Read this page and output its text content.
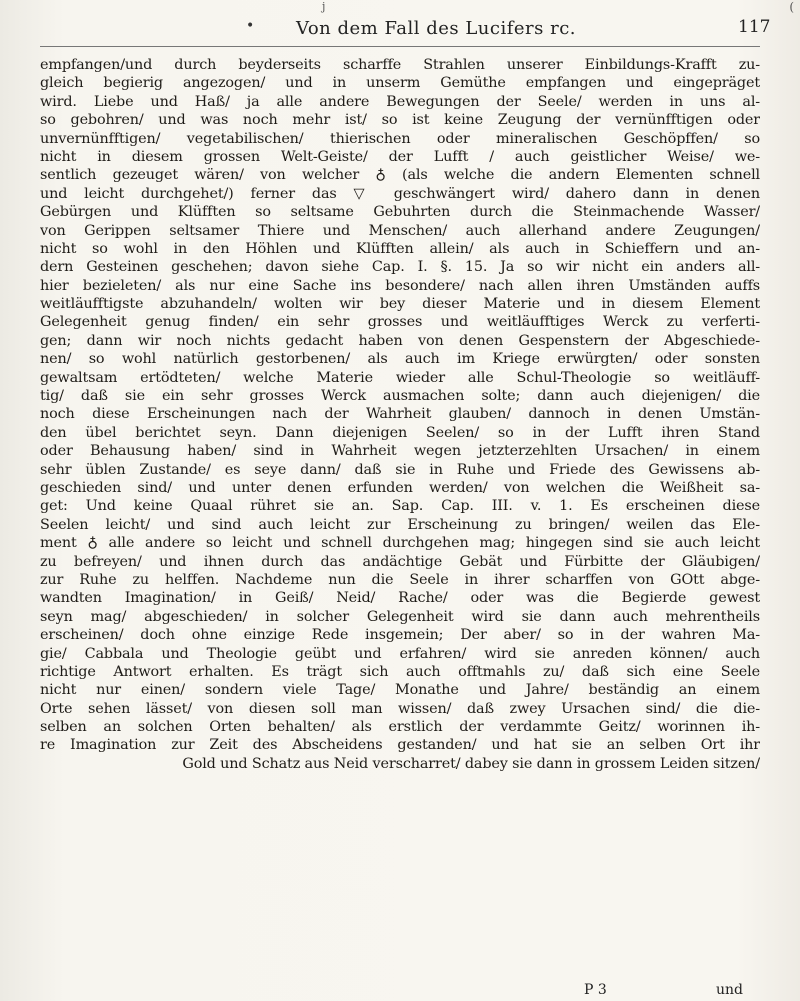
(
j
• Von dem Fall des Lucifers rc.	117
empfangen/und durch beyderseits scharffe Strahlen unserer Einbildungs-Krafft zu-
gleich begierig angezogen/ und in unserm Gemüthe empfangen und eingepräget
wird. Liebe und Haß/ ja alle andere Bewegungen der Seele/ werden in uns al-
so gebohren/ und was noch mehr ist/ so ist keine Zeugung der vernünfftigen oder
unvernünfftigen/ vegetabilischen/ thierischen oder mineralischen Geschöpffen/ so
nicht in diesem grossen Welt-Geiste/ der Lufft / auch geistlicher Weise/ we-
sentlich gezeuget wären/ von welcher ♁ (als welche die andern Elementen schnell
und leicht durchgehet/) ferner das ▽ geschwängert wird/ dahero dann in denen
Gebürgen und Klüfften so seltsame Gebuhrten durch die Steinmachende Wasser/
von Gerippen seltsamer Thiere und Menschen/ auch allerhand andere Zeugungen/
nicht so wohl in den Höhlen und Klüfften allein/ als auch in Schieffern und an-
dern Gesteinen geschehen; davon siehe Cap. I. §. 15. Ja so wir nicht ein anders all-
hier bezieleten/ als nur eine Sache ins besondere/ nach allen ihren Umständen auffs
weitläufftigste abzuhandeln/ wolten wir bey dieser Materie und in diesem Element
Gelegenheit genug finden/ ein sehr grosses und weitläufftiges Werck zu verferti-
gen; dann wir noch nichts gedacht haben von denen Gespenstern der Abgeschiede-
nen/ so wohl natürlich gestorbenen/ als auch im Kriege erwürgten/ oder sonsten
gewaltsam ertödteten/ welche Materie wieder alle Schul-Theologie so weitläuff-
tig/ daß sie ein sehr grosses Werck ausmachen solte; dann auch diejenigen/ die
noch diese Erscheinungen nach der Wahrheit glauben/ dannoch in denen Umstän-
den übel berichtet seyn. Dann diejenigen Seelen/ so in der Lufft ihren Stand
oder Behausung haben/ sind in Wahrheit wegen jetzterzehlten Ursachen/ in einem
sehr üblen Zustande/ es seye dann/ daß sie in Ruhe und Friede des Gewissens ab-
geschieden sind/ und unter denen erfunden werden/ von welchen die Weißheit sa-
get: Und keine Quaal rühret sie an. Sap. Cap. III. v. 1. Es erscheinen diese
Seelen leicht/ und sind auch leicht zur Erscheinung zu bringen/ weilen das Ele-
ment ♁ alle andere so leicht und schnell durchgehen mag; hingegen sind sie auch leicht
zu befreyen/ und ihnen durch das andächtige Gebät und Fürbitte der Gläubigen/
zur Ruhe zu helffen. Nachdeme nun die Seele in ihrer scharffen von GOtt abge-
wandten Imagination/ in Geiß/ Neid/ Rache/ oder was die Begierde gewest
seyn mag/ abgeschieden/ in solcher Gelegenheit wird sie dann auch mehrentheils
erscheinen/ doch ohne einzige Rede insgemein; Der aber/ so in der wahren Ma-
gie/ Cabbala und Theologie geübt und erfahren/ wird sie anreden können/ auch
richtige Antwort erhalten. Es trägt sich auch offtmahls zu/ daß sich eine Seele
nicht nur einen/ sondern viele Tage/ Monathe und Jahre/ beständig an einem
Orte sehen lässet/ von diesen soll man wissen/ daß zwey Ursachen sind/ die die-
selben an solchen Orten behalten/ als erstlich der verdammte Geitz/ worinnen ih-
re Imagination zur Zeit des Abscheidens gestanden/ und hat sie an selben Ort ihr
Gold und Schatz aus Neid verscharret/ dabey sie dann in grossem Leiden sitzen/
P 3	und
